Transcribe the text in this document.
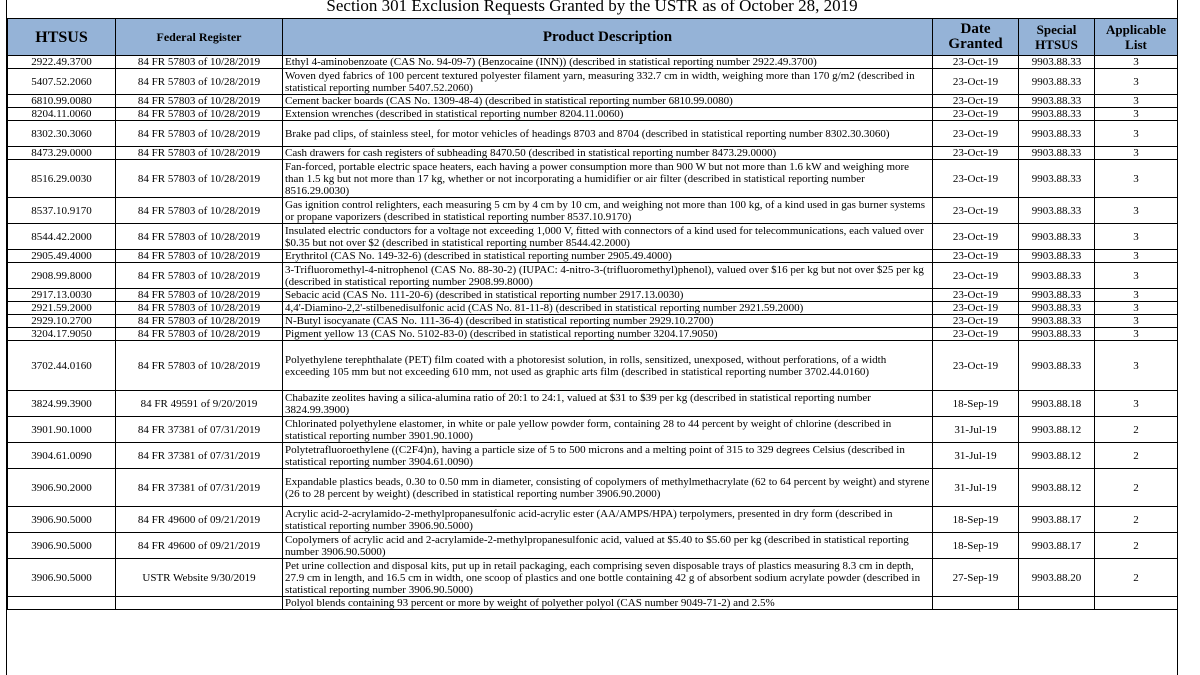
Section 301 Exclusion Requests Granted by the USTR as of October 28, 2019
HTSUS	Federal Register	Product Description	Date Granted	Special HTSUS	Applicable List
2922.49.3700	84 FR 57803 of 10/28/2019	Ethyl 4-aminobenzoate (CAS No. 94-09-7) (Benzocaine (INN)) (described in statistical reporting number 2922.49.3700)	23-Oct-19	9903.88.33	3
5407.52.2060	84 FR 57803 of 10/28/2019	Woven dyed fabrics of 100 percent textured polyester filament yarn, measuring 332.7 cm in width, weighing more than 170 g/m2 (described in statistical reporting number 5407.52.2060)	23-Oct-19	9903.88.33	3
6810.99.0080	84 FR 57803 of 10/28/2019	Cement backer boards (CAS No. 1309-48-4) (described in statistical reporting number 6810.99.0080)	23-Oct-19	9903.88.33	3
8204.11.0060	84 FR 57803 of 10/28/2019	Extension wrenches (described in statistical reporting number 8204.11.0060)	23-Oct-19	9903.88.33	3
8302.30.3060	84 FR 57803 of 10/28/2019	Brake pad clips, of stainless steel, for motor vehicles of headings 8703 and 8704 (described in statistical reporting number 8302.30.3060)	23-Oct-19	9903.88.33	3
8473.29.0000	84 FR 57803 of 10/28/2019	Cash drawers for cash registers of subheading 8470.50 (described in statistical reporting number 8473.29.0000)	23-Oct-19	9903.88.33	3
8516.29.0030	84 FR 57803 of 10/28/2019	Fan-forced, portable electric space heaters, each having a power consumption more than 900 W but not more than 1.6 kW and weighing more than 1.5 kg but not more than 17 kg, whether or not incorporating a humidifier or air filter (described in statistical reporting number 8516.29.0030)	23-Oct-19	9903.88.33	3
8537.10.9170	84 FR 57803 of 10/28/2019	Gas ignition control relighters, each measuring 5 cm by 4 cm by 10 cm, and weighing not more than 100 kg, of a kind used in gas burner systems or propane vaporizers (described in statistical reporting number 8537.10.9170)	23-Oct-19	9903.88.33	3
8544.42.2000	84 FR 57803 of 10/28/2019	Insulated electric conductors for a voltage not exceeding 1,000 V, fitted with connectors of a kind used for telecommunications, each valued over $0.35 but not over $2 (described in statistical reporting number 8544.42.2000)	23-Oct-19	9903.88.33	3
2905.49.4000	84 FR 57803 of 10/28/2019	Erythritol (CAS No. 149-32-6) (described in statistical reporting number 2905.49.4000)	23-Oct-19	9903.88.33	3
2908.99.8000	84 FR 57803 of 10/28/2019	3-Trifluoromethyl-4-nitrophenol (CAS No. 88-30-2) (IUPAC: 4-nitro-3-(trifluoromethyl)phenol), valued over $16 per kg but not over $25 per kg (described in statistical reporting number 2908.99.8000)	23-Oct-19	9903.88.33	3
2917.13.0030	84 FR 57803 of 10/28/2019	Sebacic acid (CAS No. 111-20-6) (described in statistical reporting number 2917.13.0030)	23-Oct-19	9903.88.33	3
2921.59.2000	84 FR 57803 of 10/28/2019	4,4'-Diamino-2,2'-stilbenedisulfonic acid (CAS No. 81-11-8) (described in statistical reporting number 2921.59.2000)	23-Oct-19	9903.88.33	3
2929.10.2700	84 FR 57803 of 10/28/2019	N-Butyl isocyanate (CAS No. 111-36-4) (described in statistical reporting number 2929.10.2700)	23-Oct-19	9903.88.33	3
3204.17.9050	84 FR 57803 of 10/28/2019	Pigment yellow 13 (CAS No. 5102-83-0) (described in statistical reporting number 3204.17.9050)	23-Oct-19	9903.88.33	3
3702.44.0160	84 FR 57803 of 10/28/2019	Polyethylene terephthalate (PET) film coated with a photoresist solution, in rolls, sensitized, unexposed, without perforations, of a width exceeding 105 mm but not exceeding 610 mm, not used as graphic arts film (described in statistical reporting number 3702.44.0160)	23-Oct-19	9903.88.33	3
3824.99.3900	84 FR 49591 of 9/20/2019	Chabazite zeolites having a silica-alumina ratio of 20:1 to 24:1, valued at $31 to $39 per kg (described in statistical reporting number 3824.99.3900)	18-Sep-19	9903.88.18	3
3901.90.1000	84 FR 37381 of 07/31/2019	Chlorinated polyethylene elastomer, in white or pale yellow powder form, containing 28 to 44 percent by weight of chlorine (described in statistical reporting number 3901.90.1000)	31-Jul-19	9903.88.12	2
3904.61.0090	84 FR 37381 of 07/31/2019	Polytetrafluoroethylene ((C2F4)n), having a particle size of 5 to 500 microns and a melting point of 315 to 329 degrees Celsius (described in statistical reporting number 3904.61.0090)	31-Jul-19	9903.88.12	2
3906.90.2000	84 FR 37381 of 07/31/2019	Expandable plastics beads, 0.30 to 0.50 mm in diameter, consisting of copolymers of methylmethacrylate (62 to 64 percent by weight) and styrene (26 to 28 percent by weight) (described in statistical reporting number 3906.90.2000)	31-Jul-19	9903.88.12	2
3906.90.5000	84 FR 49600 of 09/21/2019	Acrylic acid-2-acrylamido-2-methylpropanesulfonic acid-acrylic ester (AA/AMPS/HPA) terpolymers, presented in dry form (described in statistical reporting number 3906.90.5000)	18-Sep-19	9903.88.17	2
3906.90.5000	84 FR 49600 of 09/21/2019	Copolymers of acrylic acid and 2-acrylamide-2-methylpropanesulfonic acid, valued at $5.40 to $5.60 per kg (described in statistical reporting number 3906.90.5000)	18-Sep-19	9903.88.17	2
3906.90.5000	USTR Website 9/30/2019	Pet urine collection and disposal kits, put up in retail packaging, each comprising seven disposable trays of plastics measuring 8.3 cm in depth, 27.9 cm in length, and 16.5 cm in width, one scoop of plastics and one bottle containing 42 g of absorbent sodium acrylate powder (described in statistical reporting number 3906.90.5000)	27-Sep-19	9903.88.20	2
		Polyol blends containing 93 percent or more by weight of polyether polyol (CAS number 9049-71-2) and 2.5%			
